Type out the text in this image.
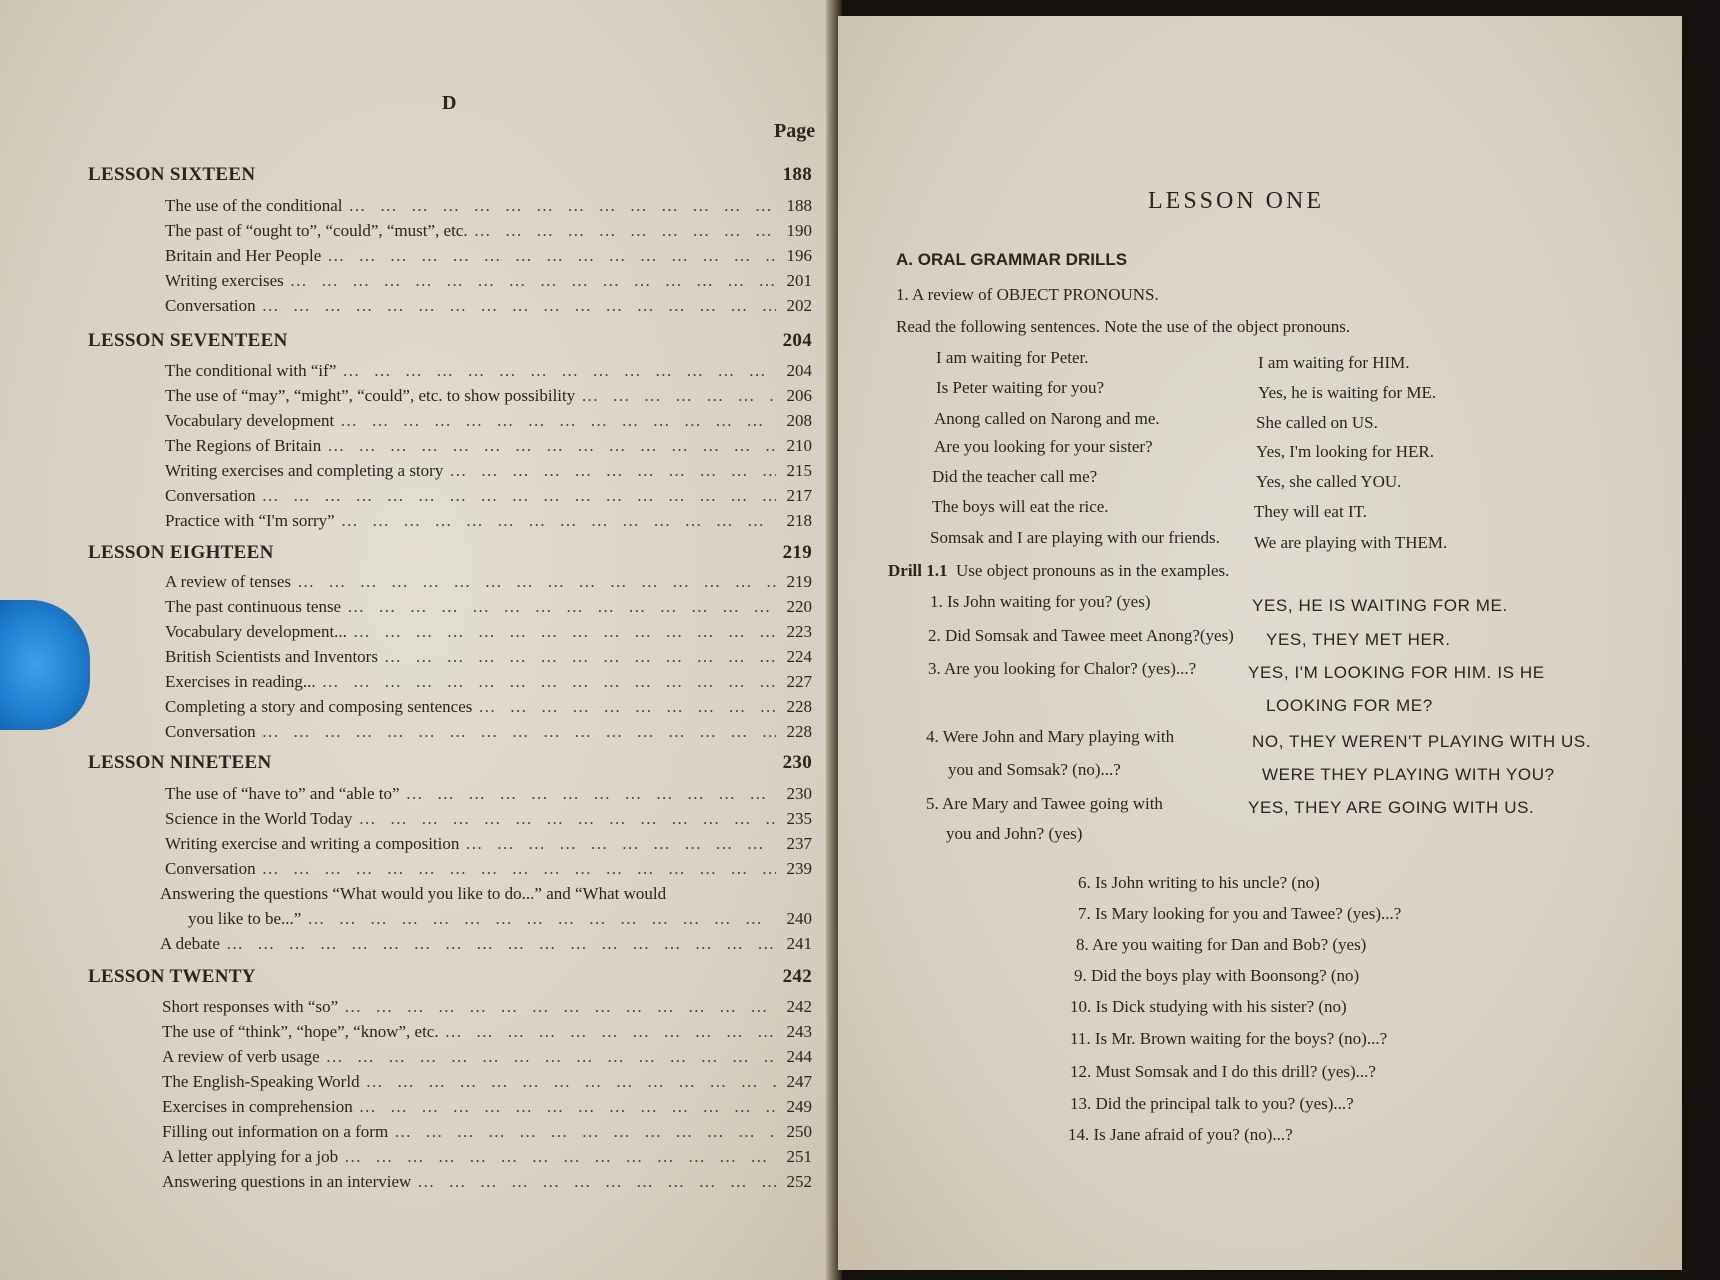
D
Page
LESSON SIXTEEN	188
The use of the conditional … … … … … … … … … … … … … … … … … … … … … … … … … … … …	188
The past of “ought to”, “could”, “must”, etc. … … … … … … … … … … … … … … … … … … … … … … … … … … … …	190
Britain and Her People … … … … … … … … … … … … … … … … … … … … … … … … … … … …	196
Writing exercises … … … … … … … … … … … … … … … … … … … … … … … … … … … …	201
Conversation … … … … … … … … … … … … … … … … … … … … … … … … … … … …	202
LESSON SEVENTEEN	204
The conditional with “if” … … … … … … … … … … … … … … … … … … … … … … … … … … … …	204
The use of “may”, “might”, “could”, etc. to show possibility … … … … … … … … … … … … … … … … … … … … … … … … … … … …	206
Vocabulary development … … … … … … … … … … … … … … … … … … … … … … … … … … … …	208
The Regions of Britain … … … … … … … … … … … … … … … … … … … … … … … … … … … …	210
Writing exercises and completing a story … … … … … … … … … … … … … … … … … … … … … … … … … … … …	215
Conversation … … … … … … … … … … … … … … … … … … … … … … … … … … … …	217
Practice with “I'm sorry” … … … … … … … … … … … … … … … … … … … … … … … … … … … …	218
LESSON EIGHTEEN	219
A review of tenses … … … … … … … … … … … … … … … … … … … … … … … … … … … …	219
The past continuous tense … … … … … … … … … … … … … … … … … … … … … … … … … … … …	220
Vocabulary development... … … … … … … … … … … … … … … … … … … … … … … … … … … … …	223
British Scientists and Inventors … … … … … … … … … … … … … … … … … … … … … … … … … … … …	224
Exercises in reading... … … … … … … … … … … … … … … … … … … … … … … … … … … … …	227
Completing a story and composing sentences … … … … … … … … … … … … … … … … … … … … … … … … … … … …	228
Conversation … … … … … … … … … … … … … … … … … … … … … … … … … … … …	228
LESSON NINETEEN	230
The use of “have to” and “able to” … … … … … … … … … … … … … … … … … … … … … … … … … … … …	230
Science in the World Today … … … … … … … … … … … … … … … … … … … … … … … … … … … …	235
Writing exercise and writing a composition … … … … … … … … … … … … … … … … … … … … … … … … … … … …	237
Conversation … … … … … … … … … … … … … … … … … … … … … … … … … … … …	239
Answering the questions “What would you like to do...” and “What would
you like to be...” … … … … … … … … … … … … … … … … … … … … … … … … … … … …	240
A debate … … … … … … … … … … … … … … … … … … … … … … … … … … … …	241
LESSON TWENTY	242
Short responses with “so” … … … … … … … … … … … … … … … … … … … … … … … … … … … …	242
The use of “think”, “hope”, “know”, etc. … … … … … … … … … … … … … … … … … … … … … … … … … … … …	243
A review of verb usage … … … … … … … … … … … … … … … … … … … … … … … … … … … …	244
The English-Speaking World … … … … … … … … … … … … … … … … … … … … … … … … … … … …	247
Exercises in comprehension … … … … … … … … … … … … … … … … … … … … … … … … … … … …	249
Filling out information on a form … … … … … … … … … … … … … … … … … … … … … … … … … … … …	250
A letter applying for a job … … … … … … … … … … … … … … … … … … … … … … … … … … … …	251
Answering questions in an interview … … … … … … … … … … … … … … … … … … … … … … … … … … … …	252
LESSON ONE
A. ORAL GRAMMAR DRILLS
1. A review of OBJECT PRONOUNS.
Read the following sentences. Note the use of the object pronouns.
I am waiting for Peter.	I am waiting for HIM.
Is Peter waiting for you?	Yes, he is waiting for ME.
Anong called on Narong and me.	She called on US.
Are you looking for your sister?	Yes, I'm looking for HER.
Did the teacher call me?	Yes, she called YOU.
The boys will eat the rice.	They will eat IT.
Somsak and I are playing with our friends. We are playing with THEM.
Drill 1.1 Use object pronouns as in the examples.
1. Is John waiting for you? (yes)	YES, HE IS WAITING FOR ME.
2. Did Somsak and Tawee meet Anong?(yes) YES, THEY MET HER.
3. Are you looking for Chalor? (yes)...?	YES, I'M LOOKING FOR HIM. IS HE
LOOKING FOR ME?
4. Were John and Mary playing with	NO, THEY WEREN'T PLAYING WITH US.
you and Somsak? (no)...?	WERE THEY PLAYING WITH YOU?
5. Are Mary and Tawee going with	YES, THEY ARE GOING WITH US.
you and John? (yes)
6. Is John writing to his uncle? (no)
7. Is Mary looking for you and Tawee? (yes)...?
8. Are you waiting for Dan and Bob? (yes)
9. Did the boys play with Boonsong? (no)
10. Is Dick studying with his sister? (no)
11. Is Mr. Brown waiting for the boys? (no)...?
12. Must Somsak and I do this drill? (yes)...?
13. Did the principal talk to you? (yes)...?
14. Is Jane afraid of you? (no)...?
